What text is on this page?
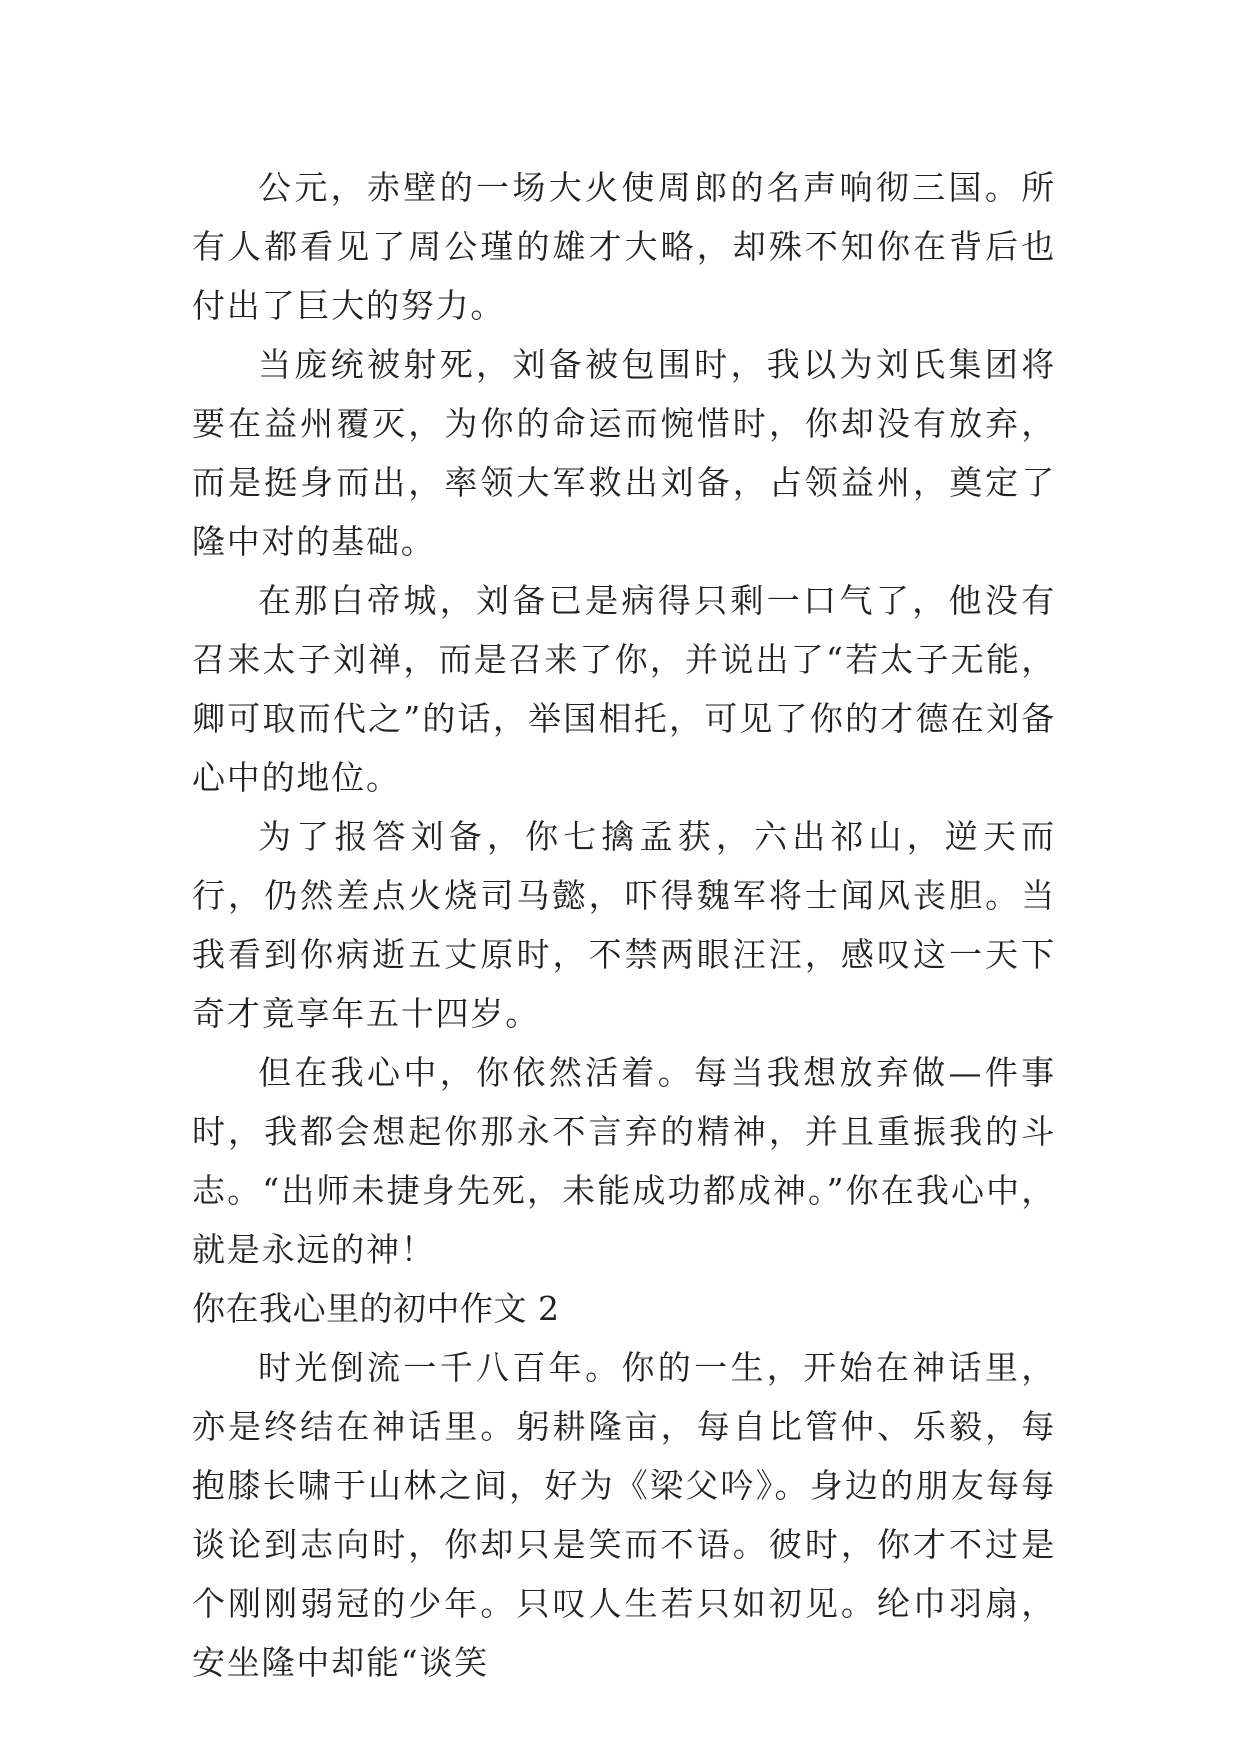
公元，赤壁的一场大火使周郎的名声响彻三国。所有人都看见了周公瑾的雄才大略，却殊不知你在背后也付出了巨大的努力。

当庞统被射死，刘备被包围时，我以为刘氏集团将要在益州覆灭，为你的命运而惋惜时，你却没有放弃，而是挺身而出，率领大军救出刘备，占领益州，奠定了隆中对的基础。

在那白帝城，刘备已是病得只剩一口气了，他没有召来太子刘禅，而是召来了你，并说出了“若太子无能，卿可取而代之”的话，举国相托，可见了你的才德在刘备心中的地位。

为了报答刘备，你七擒孟获，六出祁山，逆天而行，仍然差点火烧司马懿，吓得魏军将士闻风丧胆。当我看到你病逝五丈原时，不禁两眼汪汪，感叹这一天下奇才竟享年五十四岁。

但在我心中，你依然活着。每当我想放弃做—件事时，我都会想起你那永不言弃的精神，并且重振我的斗志。“出师未捷身先死，未能成功都成神。”你在我心中，就是永远的神！

你在我心里的初中作文 2

时光倒流一千八百年。你的一生，开始在神话里，亦是终结在神话里。躬耕隆亩，每自比管仲、乐毅，每抱膝长啸于山林之间，好为《梁父吟》。身边的朋友每每谈论到志向时，你却只是笑而不语。彼时，你才不过是个刚刚弱冠的少年。只叹人生若只如初见。纶巾羽扇，安坐隆中却能“谈笑
